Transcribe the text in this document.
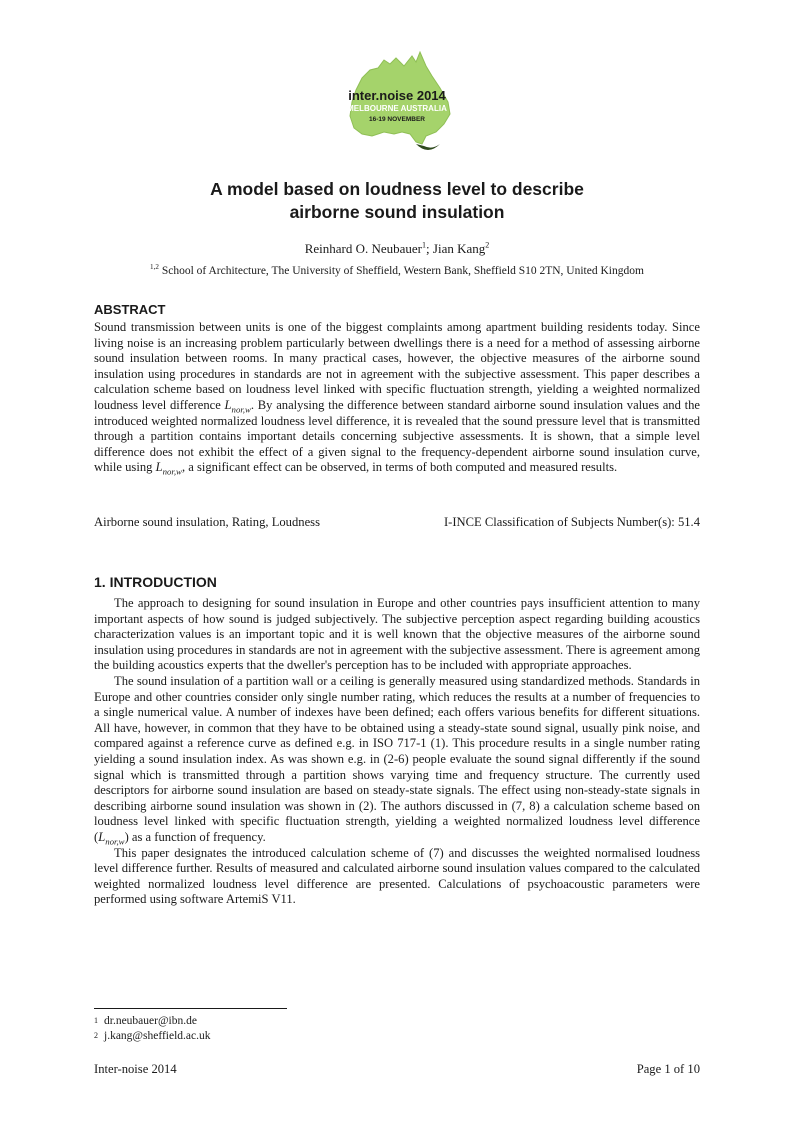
inter.noise 2014
MELBOURNE AUSTRALIA
16-19 NOVEMBER
A model based on loudness level to describe
airborne sound insulation
Reinhard O. Neubauer$^1$; Jian Kang$^2$
$^{1,2}$ School of Architecture, The University of Sheffield, Western Bank, Sheffield S10 2TN, United Kingdom
ABSTRACT

Sound transmission between units is one of the biggest complaints among apartment building residents today. Since living noise is an increasing problem particularly between dwellings there is a need for a method of assessing airborne sound insulation between rooms. In many practical cases, however, the objective measures of the airborne sound insulation using procedures in standards are not in agreement with the subjective assessment. This paper describes a calculation scheme based on loudness level linked with specific fluctuation strength, yielding a weighted normalized loudness level difference $L_{nor,w}$. By analysing the difference between standard airborne sound insulation values and the introduced weighted normalized loudness level difference, it is revealed that the sound pressure level that is transmitted through a partition contains important details concerning subjective assessments. It is shown, that a simple level difference does not exhibit the effect of a given signal to the frequency-dependent airborne sound insulation curve, while using $L_{nor,w}$, a significant effect can be observed, in terms of both computed and measured results.

Airborne sound insulation, Rating, Loudness	I-INCE Classification of Subjects Number(s): 51.4
1. INTRODUCTION

The approach to designing for sound insulation in Europe and other countries pays insufficient attention to many important aspects of how sound is judged subjectively. The subjective perception aspect regarding building acoustics characterization values is an important topic and it is well known that the objective measures of the airborne sound insulation using procedures in standards are not in agreement with the subjective assessment. There is agreement among the building acoustics experts that the dweller's perception has to be included with appropriate approaches.

The sound insulation of a partition wall or a ceiling is generally measured using standardized methods. Standards in Europe and other countries consider only single number rating, which reduces the results at a number of frequencies to a single numerical value. A number of indexes have been defined; each offers various benefits for different situations. All have, however, in common that they have to be obtained using a steady-state sound signal, usually pink noise, and compared against a reference curve as defined e.g. in ISO 717-1 (1). This procedure results in a single number rating yielding a sound insulation index. As was shown e.g. in (2-6) people evaluate the sound signal differently if the sound signal which is transmitted through a partition shows varying time and frequency structure. The currently used descriptors for airborne sound insulation are based on steady-state signals. The effect using non-steady-state signals in describing airborne sound insulation was shown in (2). The authors discussed in (7, 8) a calculation scheme based on loudness level linked with specific fluctuation strength, yielding a weighted normalized loudness level difference $(L_{nor,w})$ as a function of frequency.

This paper designates the introduced calculation scheme of (7) and discusses the weighted normalised loudness level difference further. Results of measured and calculated airborne sound insulation values compared to the calculated weighted normalized loudness level difference are presented. Calculations of psychoacoustic parameters were performed using software ArtemiS V11.

$^1$ dr.neubauer@ibn.de
$^2$ j.kang@sheffield.ac.uk
Inter-noise 2014	Page 1 of 10
